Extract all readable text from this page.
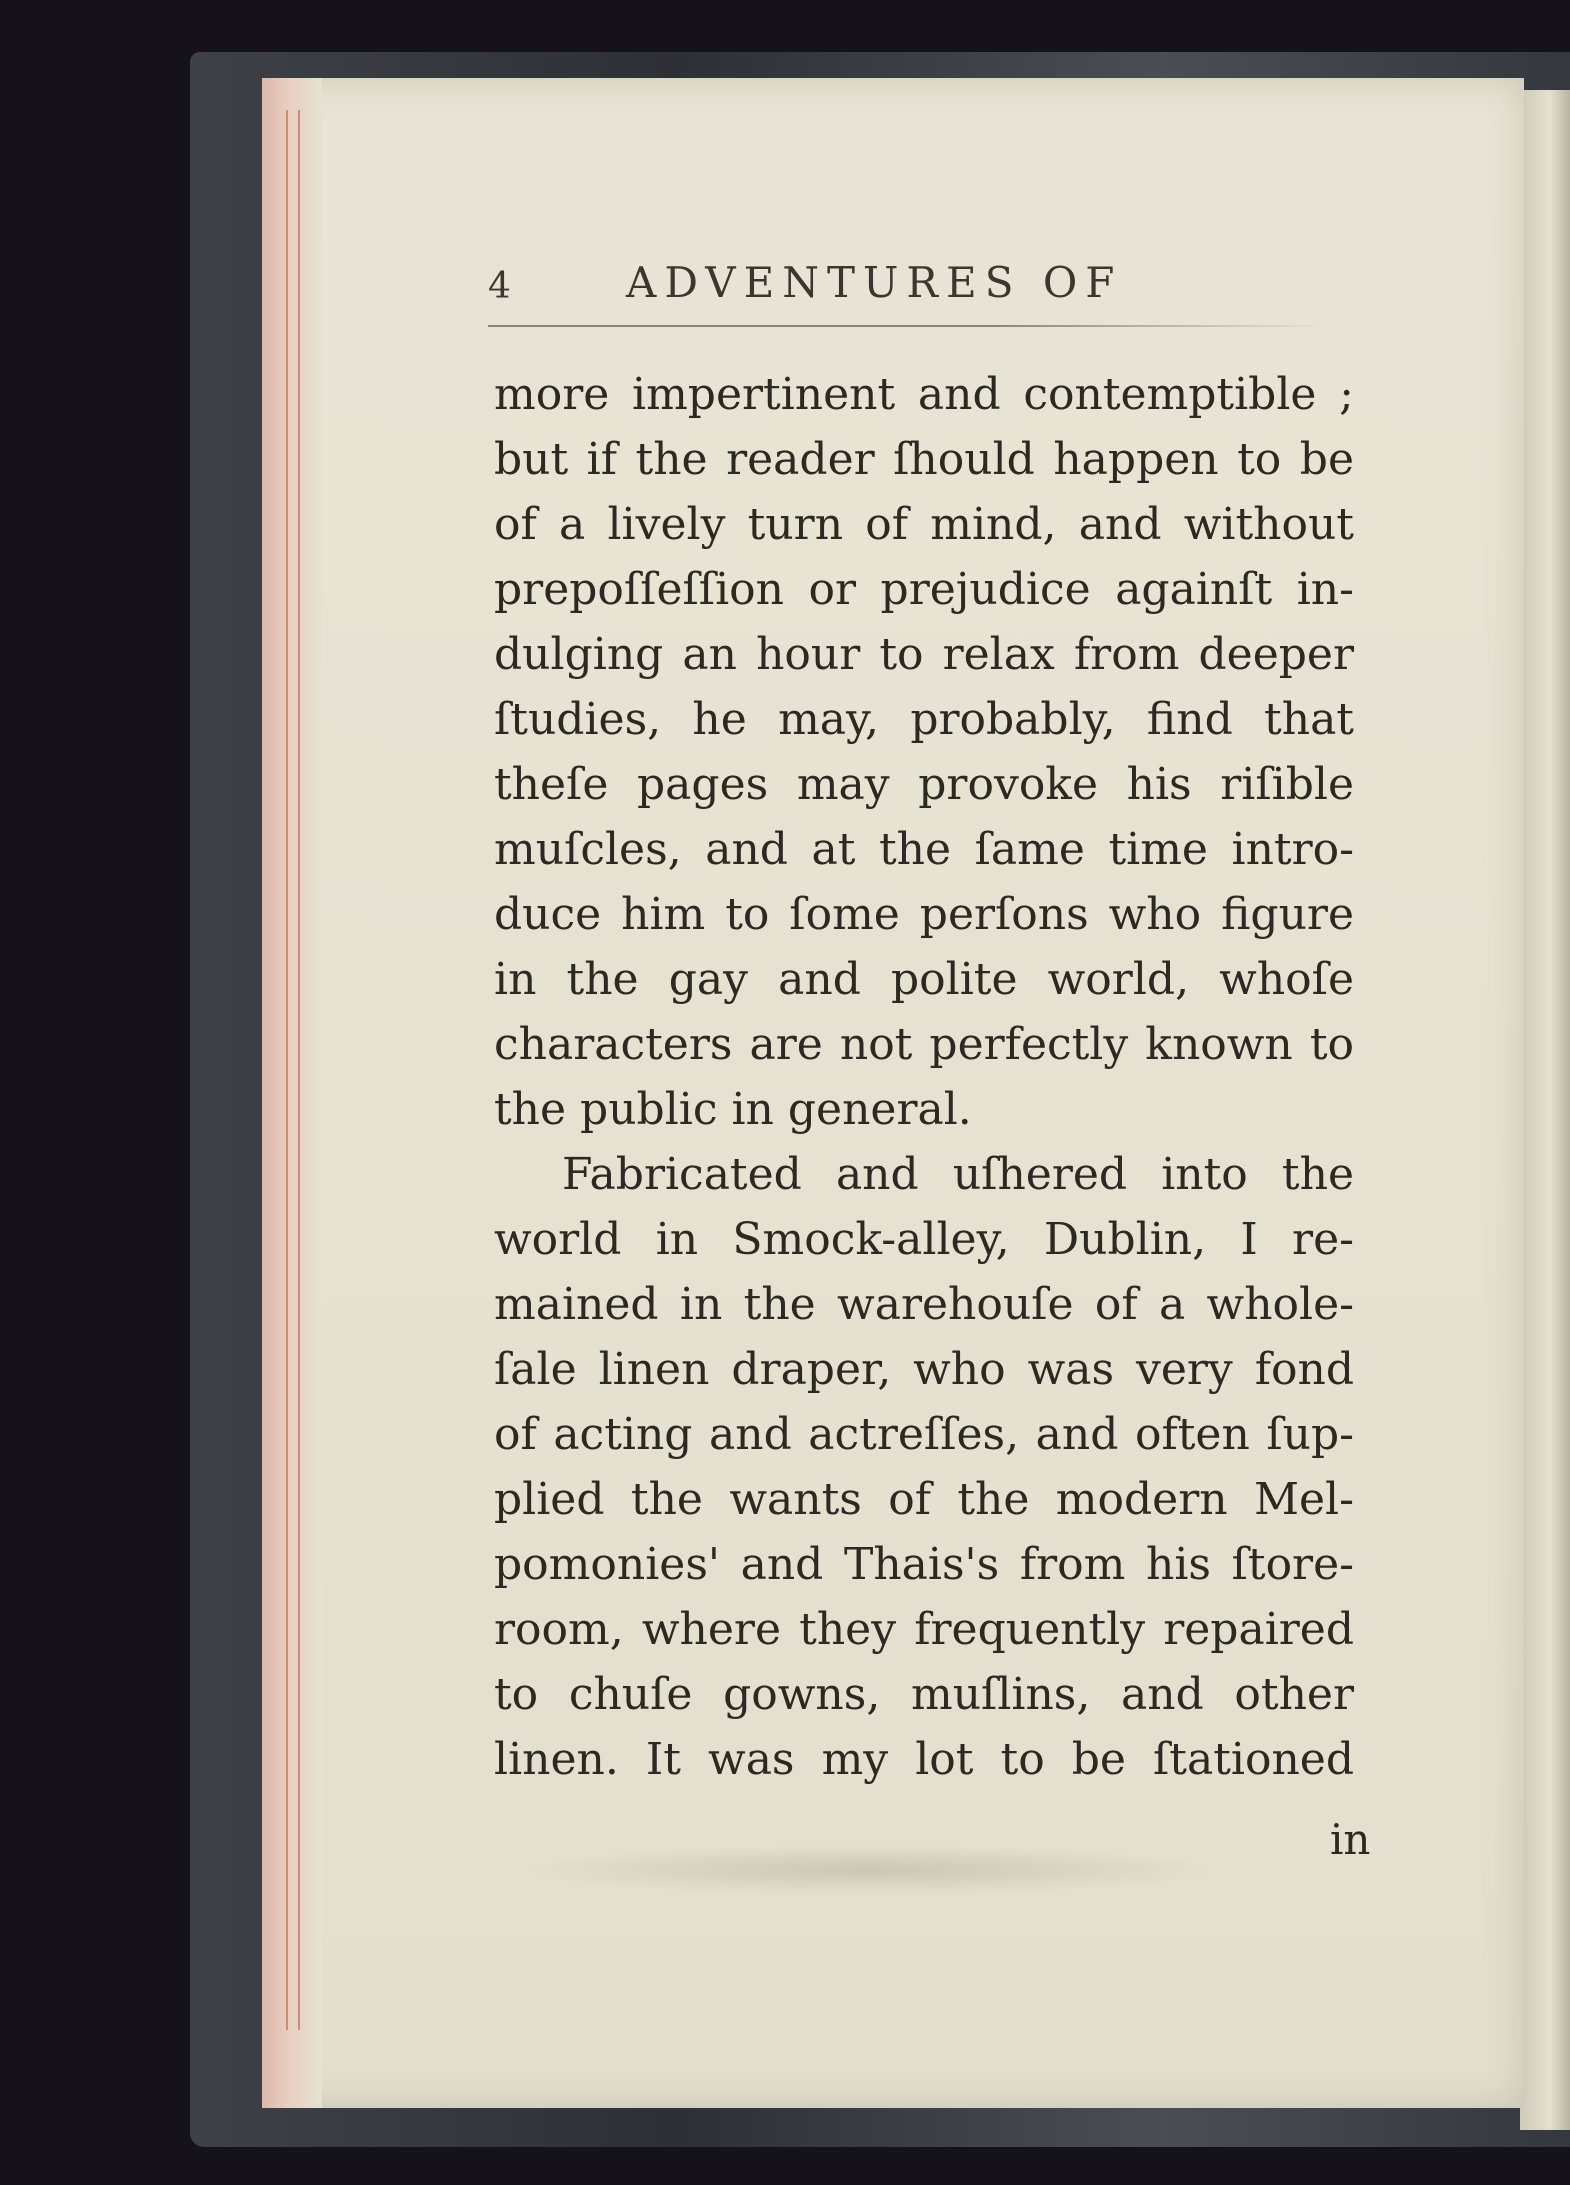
4	ADVENTURES OF
more impertinent and contemptible ;
but if the reader ſhould happen to be
of a lively turn of mind, and without
prepoſſeſſion or prejudice againſt in-
dulging an hour to relax from deeper
ſtudies, he may, probably, find that
theſe pages may provoke his riſible
muſcles, and at the ſame time intro-
duce him to ſome perſons who figure
in the gay and polite world, whoſe
characters are not perfectly known to
the public in general.
Fabricated and uſhered into the
world in Smock-alley, Dublin, I re-
mained in the warehouſe of a whole-
ſale linen draper, who was very fond
of acting and actreſſes, and often ſup-
plied the wants of the modern Mel-
pomonies' and Thais's from his ſtore-
room, where they frequently repaired
to chuſe gowns, muſlins, and other
linen. It was my lot to be ſtationed
in
